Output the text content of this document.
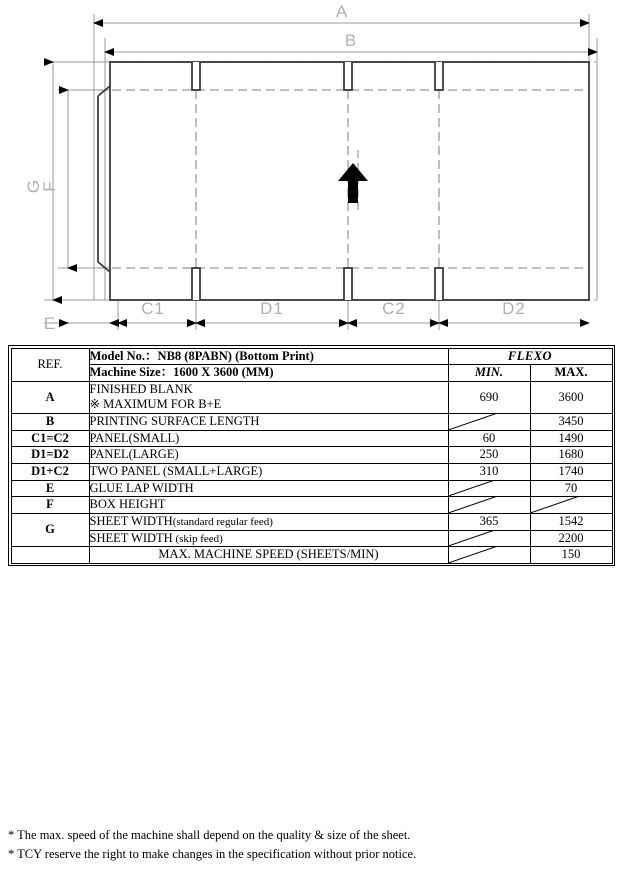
A
B
G
F
E
C1	D1	C2	D2
REF.	Model No.：NB8 (8PABN) (Bottom Print)	FLEXO	
	Machine Size：1600 X 3600 (MM)	MIN.	MAX.
A	FINISHED BLANK
※ MAXIMUM FOR B+E	690	3600
B	PRINTING SURFACE LENGTH		3450
C1=C2	PANEL(SMALL)	60	1490
D1=D2	PANEL(LARGE)	250	1680
D1+C2	TWO PANEL (SMALL+LARGE)	310	1740
E	GLUE LAP WIDTH		70
F	BOX HEIGHT		
G	SHEET WIDTH(standard regular feed)	365	1542
	SHEET WIDTH (skip feed)		2200
	MAX. MACHINE SPEED (SHEETS/MIN)		150
* The max. speed of the machine shall depend on the quality & size of the sheet.
* TCY reserve the right to make changes in the specification without prior notice.
